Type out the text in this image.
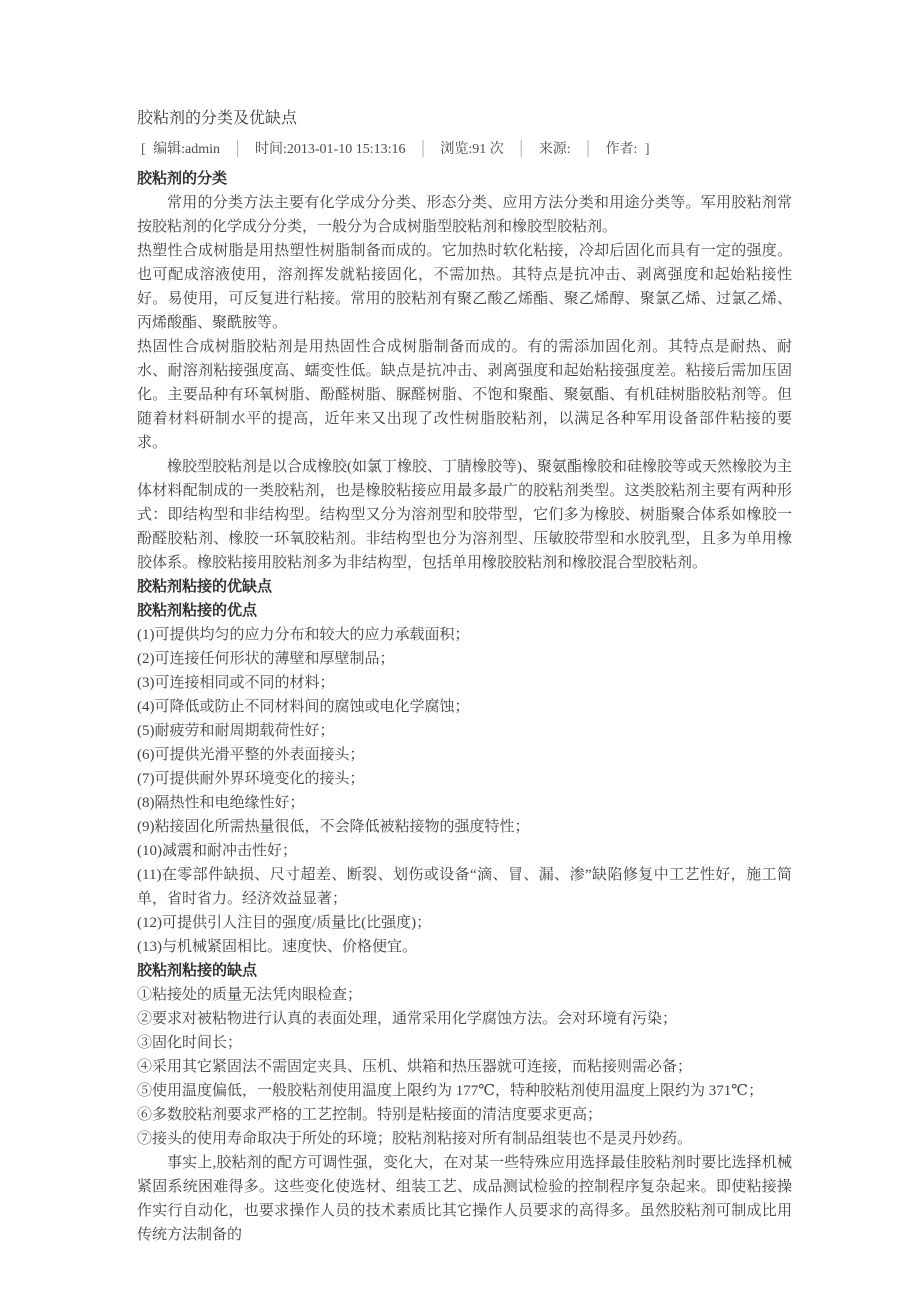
胶粘剂的分类及优缺点
[ 编辑:admin │ 时间:2013-01-10 15:13:16 │ 浏览:91 次 │ 来源: │ 作者: ]
胶粘剂的分类
常用的分类方法主要有化学成分分类、形态分类、应用方法分类和用途分类等。军用胶粘剂常按胶粘剂的化学成分分类，一般分为合成树脂型胶粘剂和橡胶型胶粘剂。
热塑性合成树脂是用热塑性树脂制备而成的。它加热时软化粘接，冷却后固化而具有一定的强度。也可配成溶液使用，溶剂挥发就粘接固化，不需加热。其特点是抗冲击、剥离强度和起始粘接性好。易使用，可反复进行粘接。常用的胶粘剂有聚乙酸乙烯酯、聚乙烯醇、聚氯乙烯、过氯乙烯、丙烯酸酯、聚酰胺等。
热固性合成树脂胶粘剂是用热固性合成树脂制备而成的。有的需添加固化剂。其特点是耐热、耐水、耐溶剂粘接强度高、蠕变性低。缺点是抗冲击、剥离强度和起始粘接强度差。粘接后需加压固化。主要品种有环氧树脂、酚醛树脂、脲醛树脂、不饱和聚酯、聚氨酯、有机硅树脂胶粘剂等。但随着材料研制水平的提高，近年来又出现了改性树脂胶粘剂，以满足各种军用设备部件粘接的要求。
橡胶型胶粘剂是以合成橡胶(如氯丁橡胶、丁腈橡胶等)、聚氨酯橡胶和硅橡胶等或天然橡胶为主体材料配制成的一类胶粘剂，也是橡胶粘接应用最多最广的胶粘剂类型。这类胶粘剂主要有两种形式：即结构型和非结构型。结构型又分为溶剂型和胶带型，它们多为橡胶、树脂聚合体系如橡胶一酚醛胶粘剂、橡胶一环氧胶粘剂。非结构型也分为溶剂型、压敏胶带型和水胶乳型，且多为单用橡胶体系。橡胶粘接用胶粘剂多为非结构型，包括单用橡胶胶粘剂和橡胶混合型胶粘剂。
胶粘剂粘接的优缺点
胶粘剂粘接的优点
(1)可提供均匀的应力分布和较大的应力承载面积；
(2)可连接任何形状的薄壁和厚壁制品；
(3)可连接相同或不同的材料；
(4)可降低或防止不同材料间的腐蚀或电化学腐蚀；
(5)耐疲劳和耐周期载荷性好；
(6)可提供光滑平整的外表面接头；
(7)可提供耐外界环境变化的接头；
(8)隔热性和电绝缘性好；
(9)粘接固化所需热量很低，不会降低被粘接物的强度特性；
(10)减震和耐冲击性好；
(11)在零部件缺损、尺寸超差、断裂、划伤或设备“滴、冒、漏、渗”缺陷修复中工艺性好，施工简单，省时省力。经济效益显著；
(12)可提供引人注目的强度/质量比(比强度)；
(13)与机械紧固相比。速度快、价格便宜。
胶粘剂粘接的缺点
①粘接处的质量无法凭肉眼检查；
②要求对被粘物进行认真的表面处理，通常采用化学腐蚀方法。会对环境有污染；
③固化时间长；
④采用其它紧固法不需固定夹具、压机、烘箱和热压器就可连接，而粘接则需必备；
⑤使用温度偏低，一般胶粘剂使用温度上限约为 177℃，特种胶粘剂使用温度上限约为 371℃；
⑥多数胶粘剂要求严格的工艺控制。特别是粘接面的清洁度要求更高；
⑦接头的使用寿命取决于所处的环境；胶粘剂粘接对所有制品组装也不是灵丹妙药。
事实上,胶粘剂的配方可调性强，变化大，在对某一些特殊应用选择最佳胶粘剂时要比选择机械紧固系统困难得多。这些变化使选材、组装工艺、成品测试检验的控制程序复杂起来。即使粘接操作实行自动化，也要求操作人员的技术素质比其它操作人员要求的高得多。虽然胶粘剂可制成比用传统方法制备的
